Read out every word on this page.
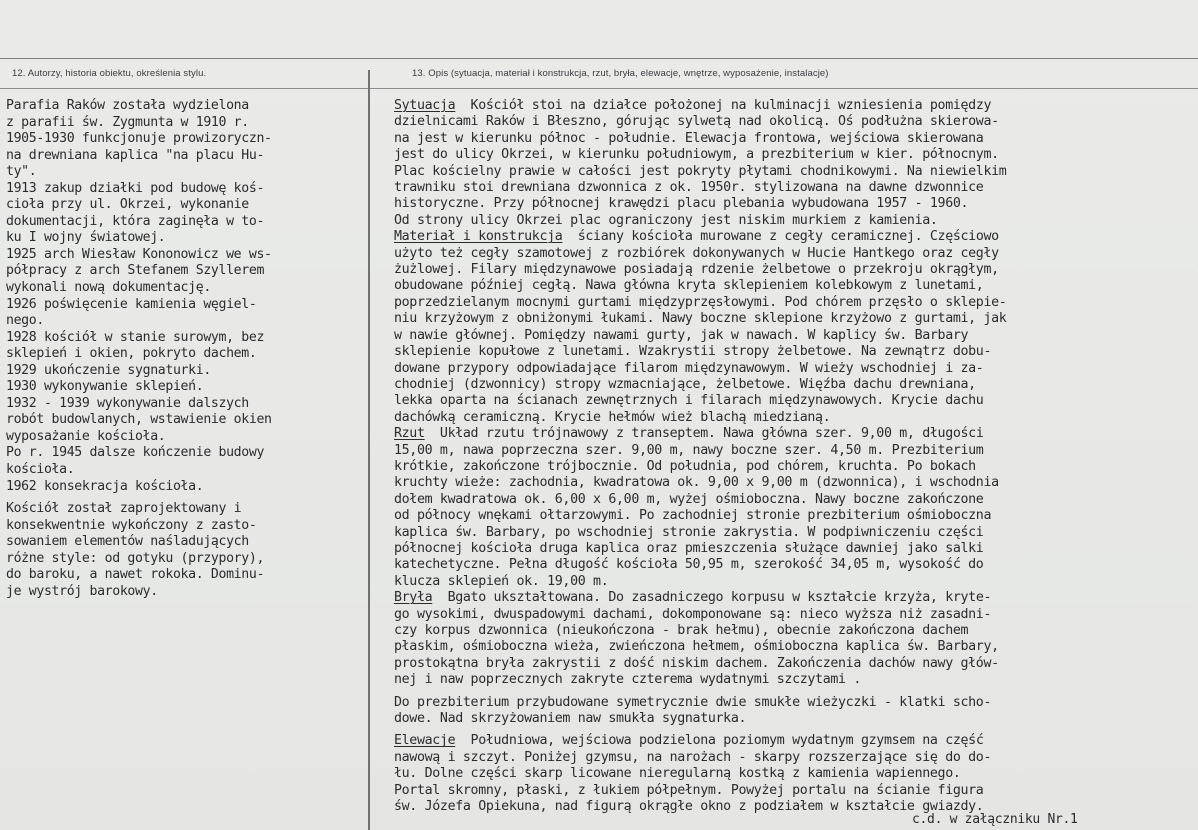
12. Autorzy, historia obiektu, określenia stylu.	13. Opis (sytuacja, materiał i konstrukcja, rzut, bryła, elewacje, wnętrze, wyposażenie, instalacje)
Parafia Raków została wydzielona
z parafii św. Zygmunta w 1910 r.
1905-1930 funkcjonuje prowizoryczn-
na drewniana kaplica "na placu Hu-
ty".
1913 zakup działki pod budowę koś-
cioła przy ul. Okrzei, wykonanie
dokumentacji, która zaginęła w to-
ku I wojny światowej.
1925 arch Wiesław Kononowicz we ws-
półpracy z arch Stefanem Szyllerem
wykonali nową dokumentację.
1926 poświęcenie kamienia węgiel-
nego.
1928 kościół w stanie surowym, bez
sklepień i okien, pokryto dachem.
1929 ukończenie sygnaturki.
1930 wykonywanie sklepień.
1932 - 1939 wykonywanie dalszych
robót budowlanych, wstawienie okien
wyposażanie kościoła.
Po r. 1945 dalsze kończenie budowy
kościoła.
1962 konsekracja kościoła.
Kościół został zaprojektowany i
konsekwentnie wykończony z zasto-
sowaniem elementów naśladujących
różne style: od gotyku (przypory),
do baroku, a nawet rokoka. Dominu-
je wystrój barokowy.
Sytuacja  Kościół stoi na działce położonej na kulminacji wzniesienia pomiędzy
dzielnicami Raków i Błeszno, górując sylwetą nad okolicą. Oś podłużna skierowa-
na jest w kierunku północ - południe. Elewacja frontowa, wejściowa skierowana
jest do ulicy Okrzei, w kierunku południowym, a prezbiterium w kier. północnym.
Plac kościelny prawie w całości jest pokryty płytami chodnikowymi. Na niewielkim
trawniku stoi drewniana dzwonnica z ok. 1950r. stylizowana na dawne dzwonnice
historyczne. Przy północnej krawędzi placu plebania wybudowana 1957 - 1960.
Od strony ulicy Okrzei plac ograniczony jest niskim murkiem z kamienia.
Materiał i konstrukcja  ściany kościoła murowane z cegły ceramicznej. Częściowo
użyto też cegły szamotowej z rozbiórek dokonywanych w Hucie Hantkego oraz cegły
żużlowej. Filary międzynawowe posiadają rdzenie żelbetowe o przekroju okrągłym,
obudowane później cegłą. Nawa główna kryta sklepieniem kolebkowym z lunetami,
poprzedzielanym mocnymi gurtami międzyprzęsłowymi. Pod chórem przęsło o sklepie-
niu krzyżowym z obniżonymi łukami. Nawy boczne sklepione krzyżowo z gurtami, jak
w nawie głównej. Pomiędzy nawami gurty, jak w nawach. W kaplicy św. Barbary
sklepienie kopułowe z lunetami. Wzakrystii stropy żelbetowe. Na zewnątrz dobu-
dowane przypory odpowiadające filarom międzynawowym. W wieży wschodniej i za-
chodniej (dzwonnicy) stropy wzmacniające, żelbetowe. Więźba dachu drewniana,
lekka oparta na ścianach zewnętrznych i filarach międzynawowych. Krycie dachu
dachówką ceramiczną. Krycie hełmów wież blachą miedzianą.
Rzut  Układ rzutu trójnawowy z transeptem. Nawa główna szer. 9,00 m, długości
15,00 m, nawa poprzeczna szer. 9,00 m, nawy boczne szer. 4,50 m. Prezbiterium
krótkie, zakończone trójbocznie. Od południa, pod chórem, kruchta. Po bokach
kruchty wieże: zachodnia, kwadratowa ok. 9,00 x 9,00 m (dzwonnica), i wschodnia
dołem kwadratowa ok. 6,00 x 6,00 m, wyżej ośmioboczna. Nawy boczne zakończone
od północy wnękami ołtarzowymi. Po zachodniej stronie prezbiterium ośmioboczna
kaplica św. Barbary, po wschodniej stronie zakrystia. W podpiwniczeniu części
północnej kościoła druga kaplica oraz pmieszczenia służące dawniej jako salki
katechetyczne. Pełna długość kościoła 50,95 m, szerokość 34,05 m, wysokość do
klucza sklepień ok. 19,00 m.
Bryła  Bgato ukształtowana. Do zasadniczego korpusu w kształcie krzyża, kryte-
go wysokimi, dwuspadowymi dachami, dokomponowane są: nieco wyższa niż zasadni-
czy korpus dzwonnica (nieukończona - brak hełmu), obecnie zakończona dachem
płaskim, ośmioboczna wieża, zwieńczona hełmem, ośmioboczna kaplica św. Barbary,
prostokątna bryła zakrystii z dość niskim dachem. Zakończenia dachów nawy głów-
nej i naw poprzecznych zakryte czterema wydatnymi szczytami .
Do prezbiterium przybudowane symetrycznie dwie smukłe wieżyczki - klatki scho-
dowe. Nad skrzyżowaniem naw smukła sygnaturka.
Elewacje  Południowa, wejściowa podzielona poziomym wydatnym gzymsem na część
nawową i szczyt. Poniżej gzymsu, na narożach - skarpy rozszerzające się do do-
łu. Dolne części skarp licowane nieregularną kostką z kamienia wapiennego.
Portal skromny, płaski, z łukiem półpełnym. Powyżej portalu na ścianie figura
św. Józefa Opiekuna, nad figurą okrągłe okno z podziałem w kształcie gwiazdy.
c.d. w załączniku Nr.1
